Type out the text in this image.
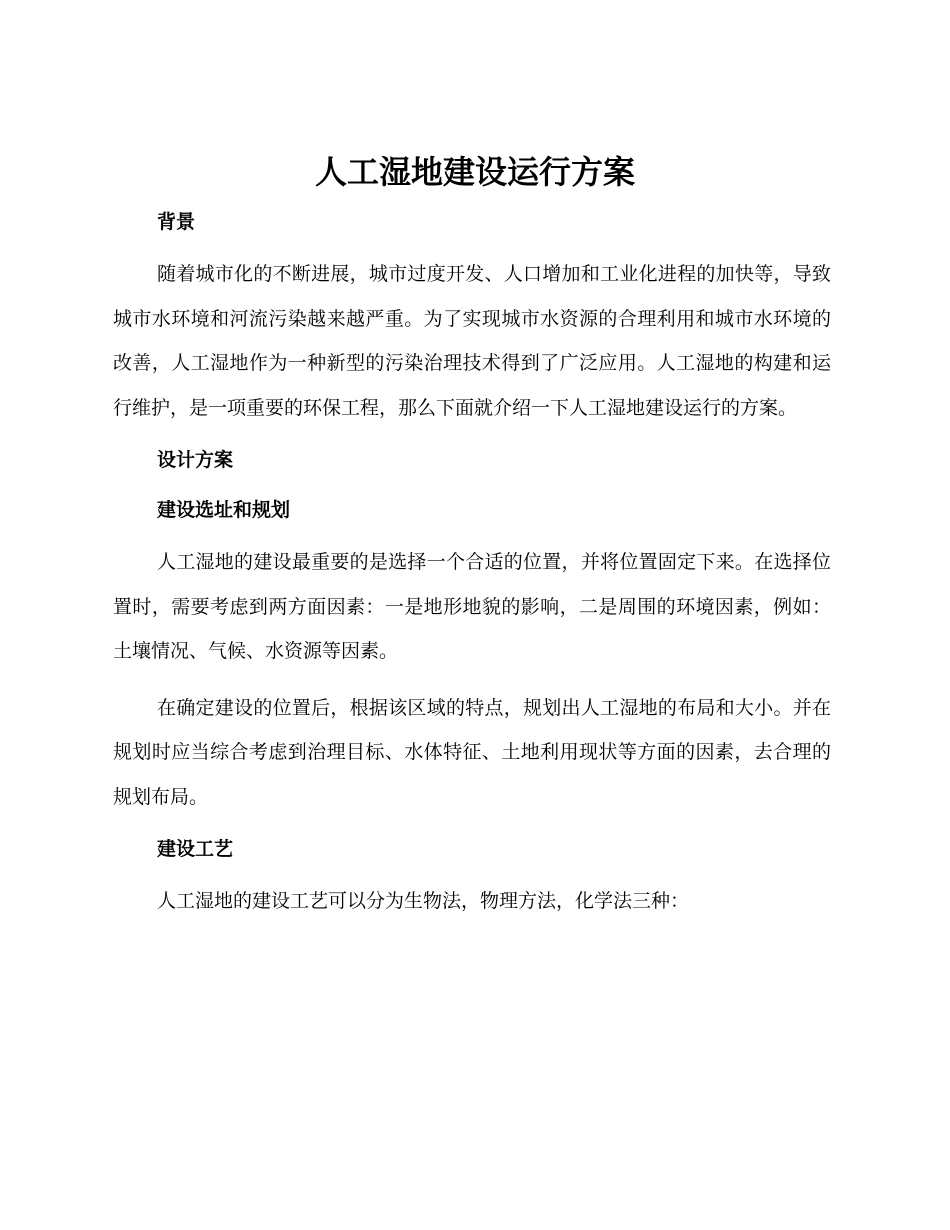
人工湿地建设运行方案
背景

随着城市化的不断进展，城市过度开发、人口增加和工业化进程的加快等，导致城市水环境和河流污染越来越严重。为了实现城市水资源的合理利用和城市水环境的改善，人工湿地作为一种新型的污染治理技术得到了广泛应用。人工湿地的构建和运行维护，是一项重要的环保工程，那么下面就介绍一下人工湿地建设运行的方案。

设计方案
建设选址和规划

人工湿地的建设最重要的是选择一个合适的位置，并将位置固定下来。在选择位置时，需要考虑到两方面因素：一是地形地貌的影响，二是周围的环境因素，例如：土壤情况、气候、水资源等因素。

在确定建设的位置后，根据该区域的特点，规划出人工湿地的布局和大小。并在规划时应当综合考虑到治理目标、水体特征、土地利用现状等方面的因素，去合理的规划布局。

建设工艺

人工湿地的建设工艺可以分为生物法，物理方法，化学法三种：
